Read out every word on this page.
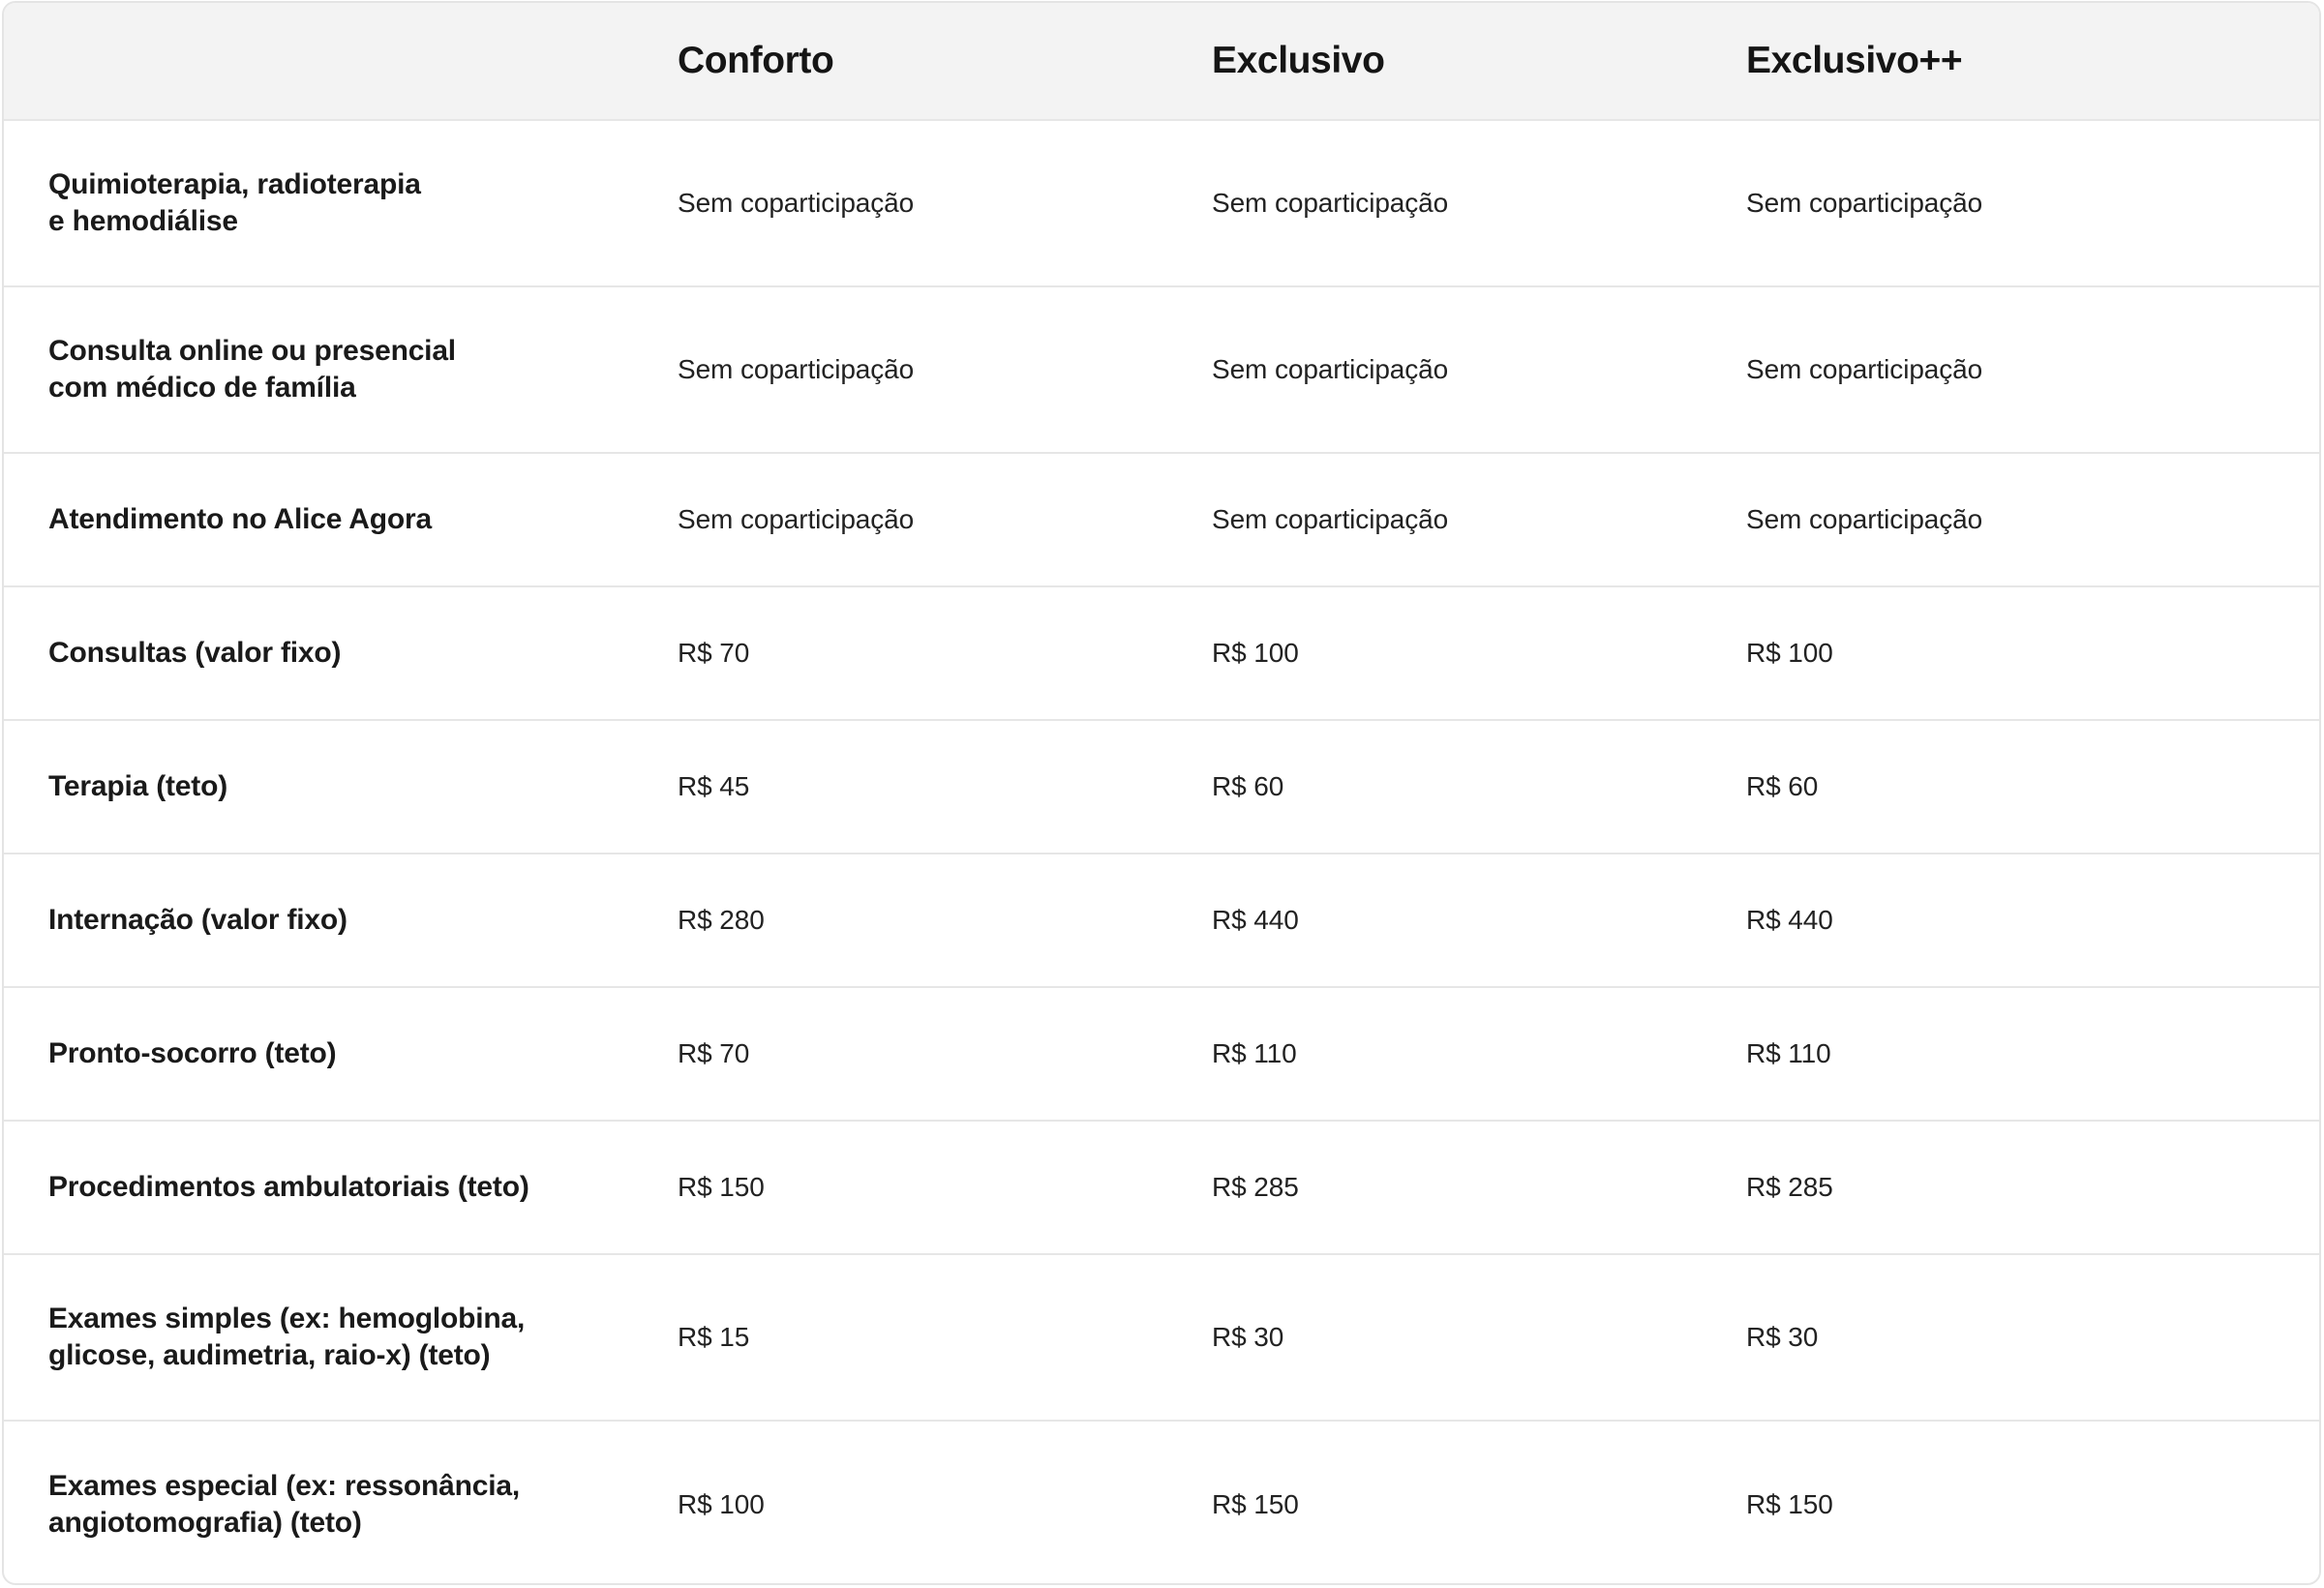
Conforto	Exclusivo	Exclusivo++
Quimioterapia, radioterapia
e hemodiálise
Sem coparticipação	Sem coparticipação	Sem coparticipação
Consulta online ou presencial
com médico de família
Sem coparticipação	Sem coparticipação	Sem coparticipação
Atendimento no Alice Agora	Sem coparticipação	Sem coparticipação	Sem coparticipação
Consultas (valor fixo)	R$ 70	R$ 100	R$ 100
Terapia (teto)	R$ 45	R$ 60	R$ 60
Internação (valor fixo)	R$ 280	R$ 440	R$ 440
Pronto-socorro (teto)	R$ 70	R$ 110	R$ 110
Procedimentos ambulatoriais (teto)	R$ 150	R$ 285	R$ 285
Exames simples (ex: hemoglobina,
glicose, audimetria, raio-x) (teto)
R$ 15	R$ 30	R$ 30
Exames especial (ex: ressonância,
angiotomografia) (teto)
R$ 100	R$ 150	R$ 150
